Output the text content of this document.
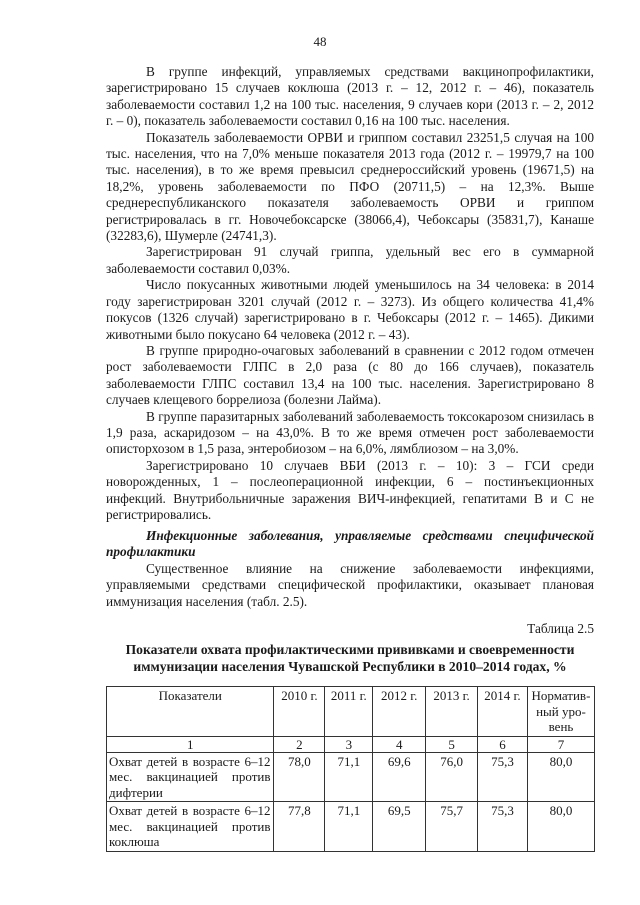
48

В группе инфекций, управляемых средствами вакцинопрофилактики, зарегистрировано 15 случаев коклюша (2013 г. – 12, 2012 г. – 46), показатель заболеваемости составил 1,2 на 100 тыс. населения, 9 случаев кори (2013 г. – 2, 2012 г. – 0), показатель заболеваемости составил 0,16 на 100 тыс. населения.

Показатель заболеваемости ОРВИ и гриппом составил 23251,5 случая на 100 тыс. населения, что на 7,0% меньше показателя 2013 года (2012 г. – 19979,7 на 100 тыс. населения), в то же время превысил среднероссийский уровень (19671,5) на 18,2%, уровень заболеваемости по ПФО (20711,5) – на 12,3%. Выше среднереспубликанского показателя заболеваемость ОРВИ и гриппом регистрировалась в гг. Новочебоксарске (38066,4), Чебоксары (35831,7), Канаше (32283,6), Шумерле (24741,3).

Зарегистрирован 91 случай гриппа, удельный вес его в суммарной заболеваемости составил 0,03%.

Число покусанных животными людей уменьшилось на 34 человека: в 2014 году зарегистрирован 3201 случай (2012 г. – 3273). Из общего количества 41,4% покусов (1326 случай) зарегистрировано в г. Чебоксары (2012 г. – 1465). Дикими животными было покусано 64 человека (2012 г. – 43).

В группе природно-очаговых заболеваний в сравнении с 2012 годом отмечен рост заболеваемости ГЛПС в 2,0 раза (с 80 до 166 случаев), показатель заболеваемости ГЛПС составил 13,4 на 100 тыс. населения. Зарегистрировано 8 случаев клещевого боррелиоза (болезни Лайма).

В группе паразитарных заболеваний заболеваемость токсокарозом снизилась в 1,9 раза, аскаридозом – на 43,0%. В то же время отмечен рост заболеваемости описторхозом в 1,5 раза, энтеробиозом – на 6,0%, лямблиозом – на 3,0%.

Зарегистрировано 10 случаев ВБИ (2013 г. – 10): 3 – ГСИ среди новорожденных, 1 – послеоперационной инфекции, 6 – постинъекционных инфекций. Внутрибольничные заражения ВИЧ-инфекцией, гепатитами В и С не регистрировались.

Инфекционные заболевания, управляемые средствами специфической профилактики

Существенное влияние на снижение заболеваемости инфекциями, управляемыми средствами специфической профилактики, оказывает плановая иммунизация населения (табл. 2.5).

Таблица 2.5
Показатели охвата профилактическими прививками и своевременности иммунизации населения Чувашской Республики в 2010–2014 годах, %
Показатели	2010 г.	2011 г.	2012 г.	2013 г.	2014 г.	Норматив-ный уро-вень
1	2	3	4	5	6	7
Охват детей в возрасте 6–12 мес. вакцинацией против дифтерии	78,0	71,1	69,6	76,0	75,3	80,0
Охват детей в возрасте 6–12 мес. вакцинацией против коклюша	77,8	71,1	69,5	75,7	75,3	80,0
